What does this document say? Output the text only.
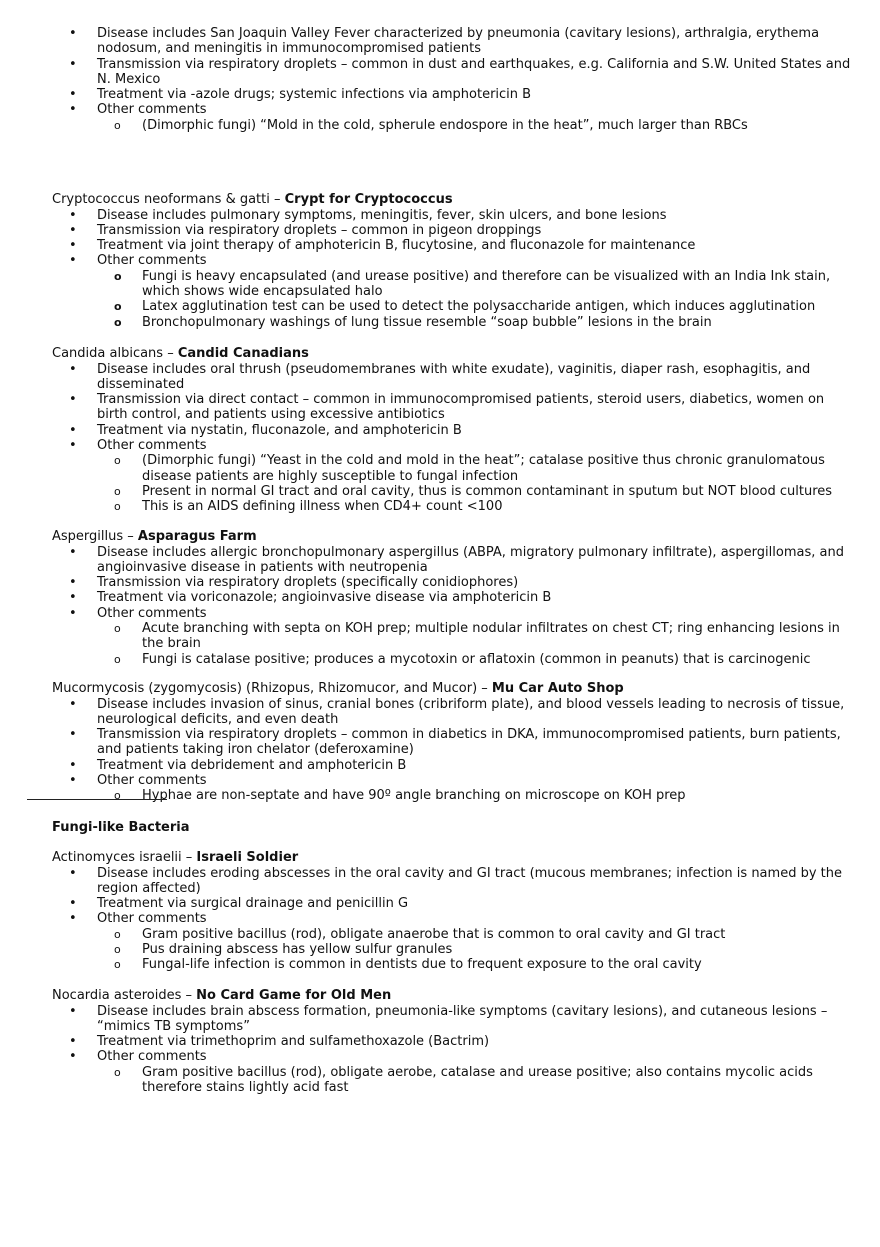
• Disease includes San Joaquin Valley Fever characterized by pneumonia (cavitary lesions), arthralgia, erythema nodosum, and meningitis in immunocompromised patients
• Transmission via respiratory droplets – common in dust and earthquakes, e.g. California and S.W. United States and N. Mexico
• Treatment via -azole drugs; systemic infections via amphotericin B
• Other comments
o (Dimorphic fungi) “Mold in the cold, spherule endospore in the heat”, much larger than RBCs

Cryptococcus neoformans & gatti – Crypt for Cryptococcus

• Disease includes pulmonary symptoms, meningitis, fever, skin ulcers, and bone lesions
• Transmission via respiratory droplets – common in pigeon droppings
• Treatment via joint therapy of amphotericin B, flucytosine, and fluconazole for maintenance
• Other comments
o Fungi is heavy encapsulated (and urease positive) and therefore can be visualized with an India Ink stain, which shows wide encapsulated halo
o Latex agglutination test can be used to detect the polysaccharide antigen, which induces agglutination
o Bronchopulmonary washings of lung tissue resemble “soap bubble” lesions in the brain

Candida albicans – Candid Canadians

• Disease includes oral thrush (pseudomembranes with white exudate), vaginitis, diaper rash, esophagitis, and disseminated
• Transmission via direct contact – common in immunocompromised patients, steroid users, diabetics, women on birth control, and patients using excessive antibiotics
• Treatment via nystatin, fluconazole, and amphotericin B
• Other comments
o (Dimorphic fungi) “Yeast in the cold and mold in the heat”; catalase positive thus chronic granulomatous disease patients are highly susceptible to fungal infection
o Present in normal GI tract and oral cavity, thus is common contaminant in sputum but NOT blood cultures
o This is an AIDS defining illness when CD4+ count <100

Aspergillus – Asparagus Farm

• Disease includes allergic bronchopulmonary aspergillus (ABPA, migratory pulmonary infiltrate), aspergillomas, and angioinvasive disease in patients with neutropenia
• Transmission via respiratory droplets (specifically conidiophores)
• Treatment via voriconazole; angioinvasive disease via amphotericin B
• Other comments
o Acute branching with septa on KOH prep; multiple nodular infiltrates on chest CT; ring enhancing lesions in the brain
o Fungi is catalase positive; produces a mycotoxin or aflatoxin (common in peanuts) that is carcinogenic

Mucormycosis (zygomycosis) (Rhizopus, Rhizomucor, and Mucor) – Mu Car Auto Shop

• Disease includes invasion of sinus, cranial bones (cribriform plate), and blood vessels leading to necrosis of tissue, neurological deficits, and even death
• Transmission via respiratory droplets – common in diabetics in DKA, immunocompromised patients, burn patients, and patients taking iron chelator (deferoxamine)
• Treatment via debridement and amphotericin B
• Other comments
o Hyphae are non-septate and have 90º angle branching on microscope on KOH prep
Fungi-like Bacteria

Actinomyces israelii – Israeli Soldier

• Disease includes eroding abscesses in the oral cavity and GI tract (mucous membranes; infection is named by the region affected)
• Treatment via surgical drainage and penicillin G
• Other comments
o Gram positive bacillus (rod), obligate anaerobe that is common to oral cavity and GI tract
o Pus draining abscess has yellow sulfur granules
o Fungal-life infection is common in dentists due to frequent exposure to the oral cavity

Nocardia asteroides – No Card Game for Old Men

• Disease includes brain abscess formation, pneumonia-like symptoms (cavitary lesions), and cutaneous lesions – “mimics TB symptoms”
• Treatment via trimethoprim and sulfamethoxazole (Bactrim)
• Other comments
o Gram positive bacillus (rod), obligate aerobe, catalase and urease positive; also contains mycolic acids therefore stains lightly acid fast
